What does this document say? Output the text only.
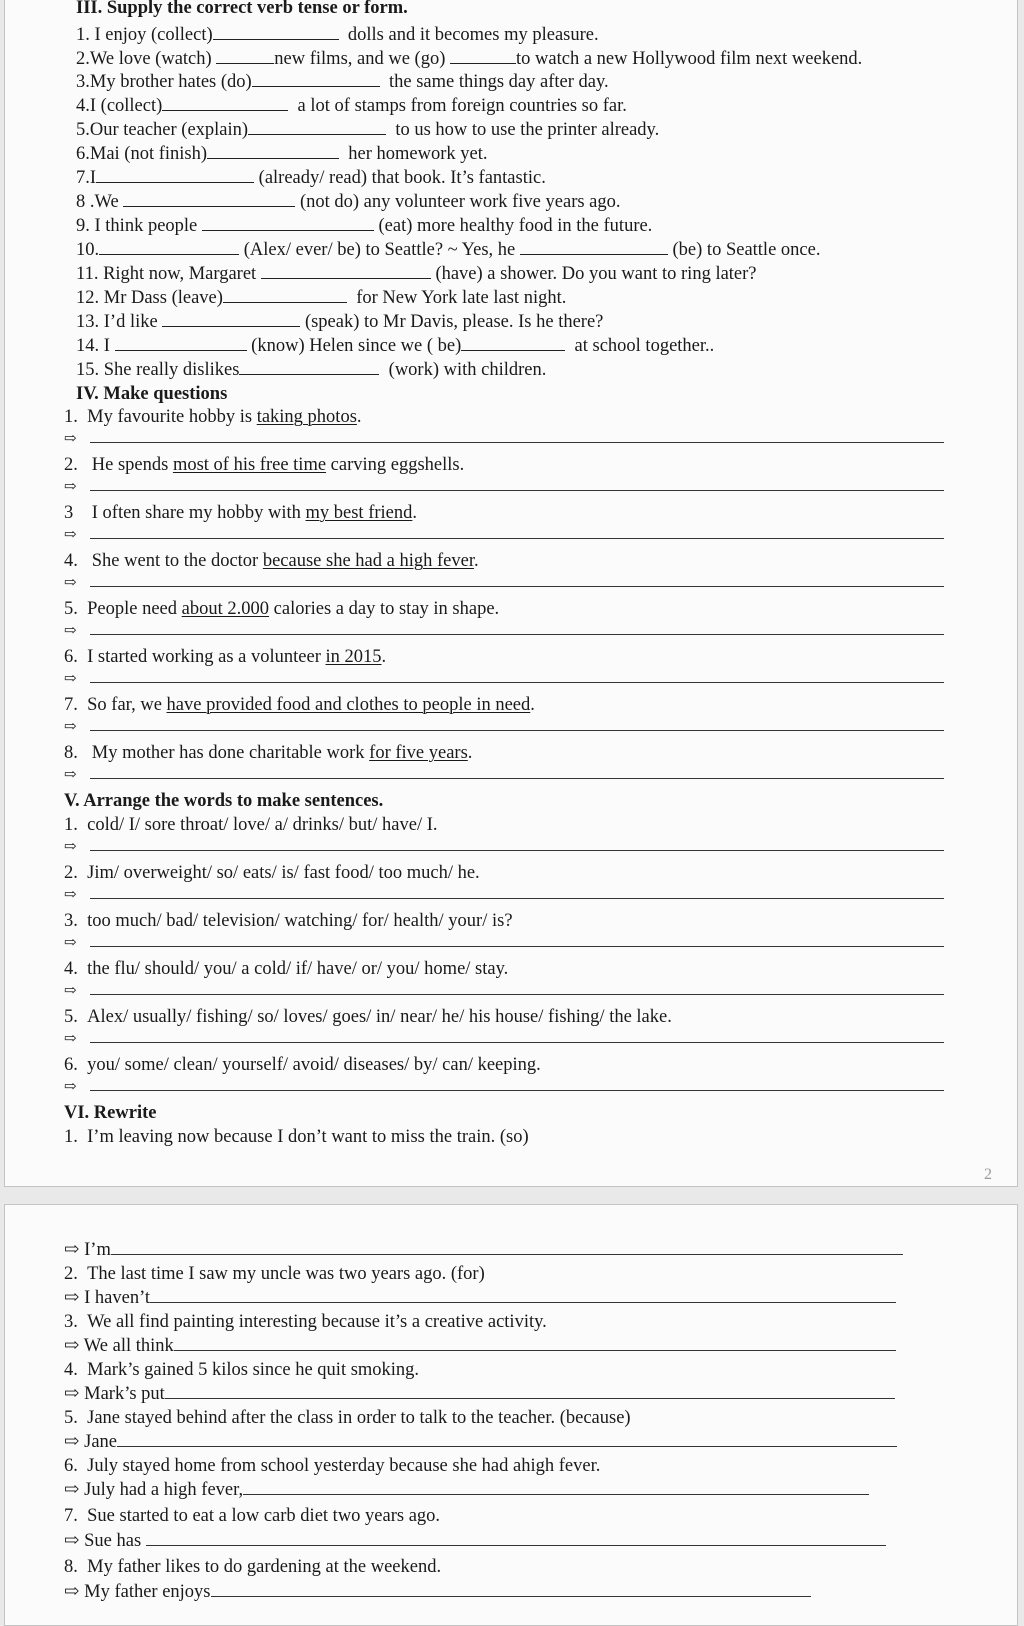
III. Supply the correct verb tense or form.
1. I enjoy (collect)	dolls and it becomes my pleasure.
2.We love (watch)	new films, and we (go)	to watch a new Hollywood film next weekend.
3.My brother hates (do)	the same things day after day.
4.I (collect)	a lot of stamps from foreign countries so far.
5.Our teacher (explain)	to us how to use the printer already.
6.Mai (not finish)	her homework yet.
7.I	(already/ read) that book. It’s fantastic.
8 .We	(not do) any volunteer work five years ago.
9. I think people	(eat) more healthy food in the future.
10.	(Alex/ ever/ be) to Seattle? ~ Yes, he	(be) to Seattle once.
11. Right now, Margaret	(have) a shower. Do you want to ring later?
12. Mr Dass (leave)	for New York late last night.
13. I’d like	(speak) to Mr Davis, please. Is he there?
14. I	(know) Helen since we ( be)	at school together..
15. She really dislikes	(work) with children.
IV. Make questions
1. My favourite hobby is taking photos.
⇨
2. He spends most of his free time carving eggshells.
⇨
3 I often share my hobby with my best friend.
⇨
4. She went to the doctor because she had a high fever.
⇨
5. People need about 2.000 calories a day to stay in shape.
⇨
6. I started working as a volunteer in 2015.
⇨
7. So far, we have provided food and clothes to people in need.
⇨
8. My mother has done charitable work for five years.
⇨
V. Arrange the words to make sentences.
1. cold/ I/ sore throat/ love/ a/ drinks/ but/ have/ I.
⇨
2. Jim/ overweight/ so/ eats/ is/ fast food/ too much/ he.
⇨
3. too much/ bad/ television/ watching/ for/ health/ your/ is?
⇨
4. the flu/ should/ you/ a cold/ if/ have/ or/ you/ home/ stay.
⇨
5. Alex/ usually/ fishing/ so/ loves/ goes/ in/ near/ he/ his house/ fishing/ the lake.
⇨
6. you/ some/ clean/ yourself/ avoid/ diseases/ by/ can/ keeping.
⇨
VI. Rewrite
1. I’m leaving now because I don’t want to miss the train. (so)
2
⇨ I’m
2. The last time I saw my uncle was two years ago. (for)
⇨ I haven’t
3. We all find painting interesting because it’s a creative activity.
⇨ We all think
4. Mark’s gained 5 kilos since he quit smoking.
⇨ Mark’s put
5. Jane stayed behind after the class in order to talk to the teacher. (because)
⇨ Jane
6. July stayed home from school yesterday because she had ahigh fever.
⇨ July had a high fever,
7. Sue started to eat a low carb diet two years ago.
⇨ Sue has
8. My father likes to do gardening at the weekend.
⇨ My father enjoys
